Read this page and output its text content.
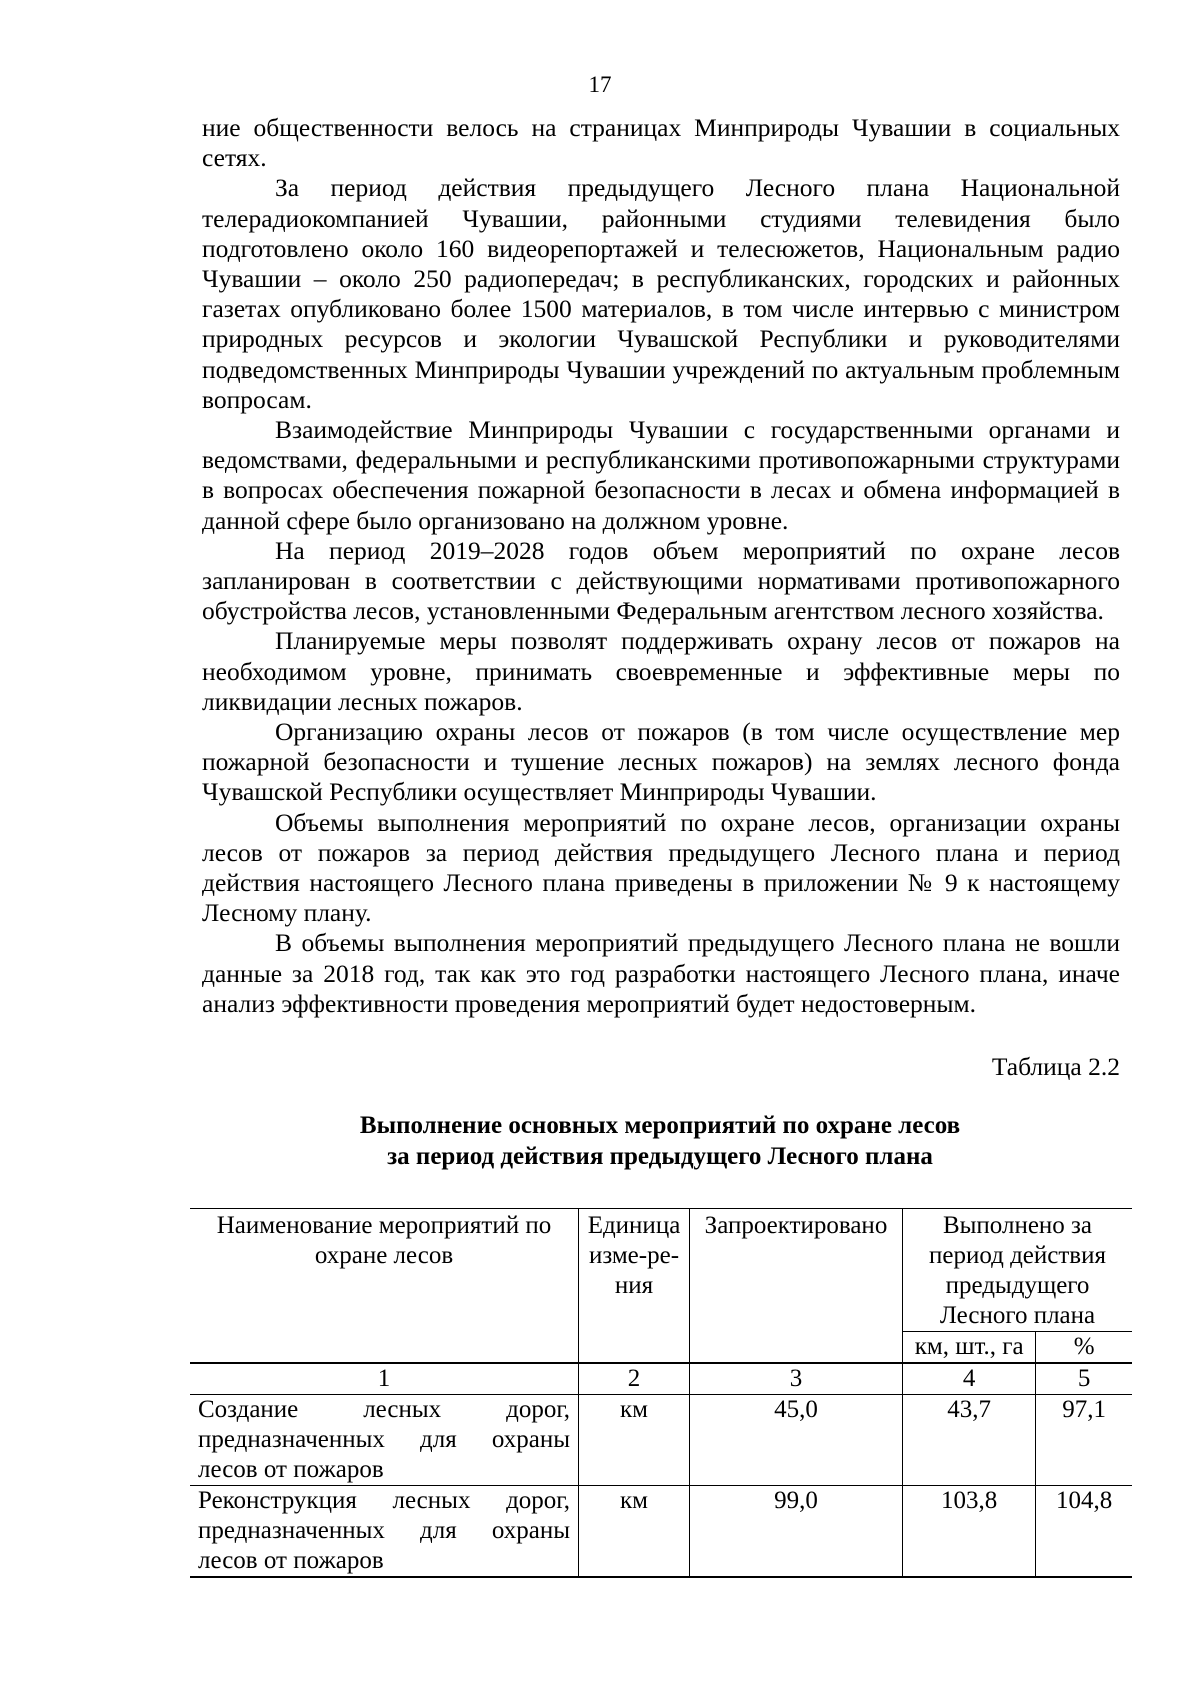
17

ние общественности велось на страницах Минприроды Чувашии в социальных сетях.

За период действия предыдущего Лесного плана Национальной телерадиокомпанией Чувашии, районными студиями телевидения было подготовлено около 160 видеорепортажей и телесюжетов, Национальным радио Чувашии – около 250 радиопередач; в республиканских, городских и районных газетах опубликовано более 1500 материалов, в том числе интервью с министром природных ресурсов и экологии Чувашской Республики и руководителями подведомственных Минприроды Чувашии учреждений по актуальным проблемным вопросам.

Взаимодействие Минприроды Чувашии с государственными органами и ведомствами, федеральными и республиканскими противопожарными структурами в вопросах обеспечения пожарной безопасности в лесах и обмена информацией в данной сфере было организовано на должном уровне.

На период 2019–2028 годов объем мероприятий по охране лесов запланирован в соответствии с действующими нормативами противопожарного обустройства лесов, установленными Федеральным агентством лесного хозяйства.

Планируемые меры позволят поддерживать охрану лесов от пожаров на необходимом уровне, принимать своевременные и эффективные меры по ликвидации лесных пожаров.

Организацию охраны лесов от пожаров (в том числе осуществление мер пожарной безопасности и тушение лесных пожаров) на землях лесного фонда Чувашской Республики осуществляет Минприроды Чувашии.

Объемы выполнения мероприятий по охране лесов, организации охраны лесов от пожаров за период действия предыдущего Лесного плана и период действия настоящего Лесного плана приведены в приложении № 9 к настоящему Лесному плану.

В объемы выполнения мероприятий предыдущего Лесного плана не вошли данные за 2018 год, так как это год разработки настоящего Лесного плана, иначе анализ эффективности проведения мероприятий будет недостоверным.

Таблица 2.2
Выполнение основных мероприятий по охране лесов
за период действия предыдущего Лесного плана
Наименование мероприятий по охране лесов	Единица изме-ре-ния	Запроектировано	Выполнено за период действия предыдущего Лесного плана	
			км, шт., га	%
1	2	3	4	5
Создание лесных дорог, предназначенных для охраны лесов от пожаров	км	45,0	43,7	97,1
Реконструкция лесных дорог, предназначенных для охраны лесов от пожаров	км	99,0	103,8	104,8
